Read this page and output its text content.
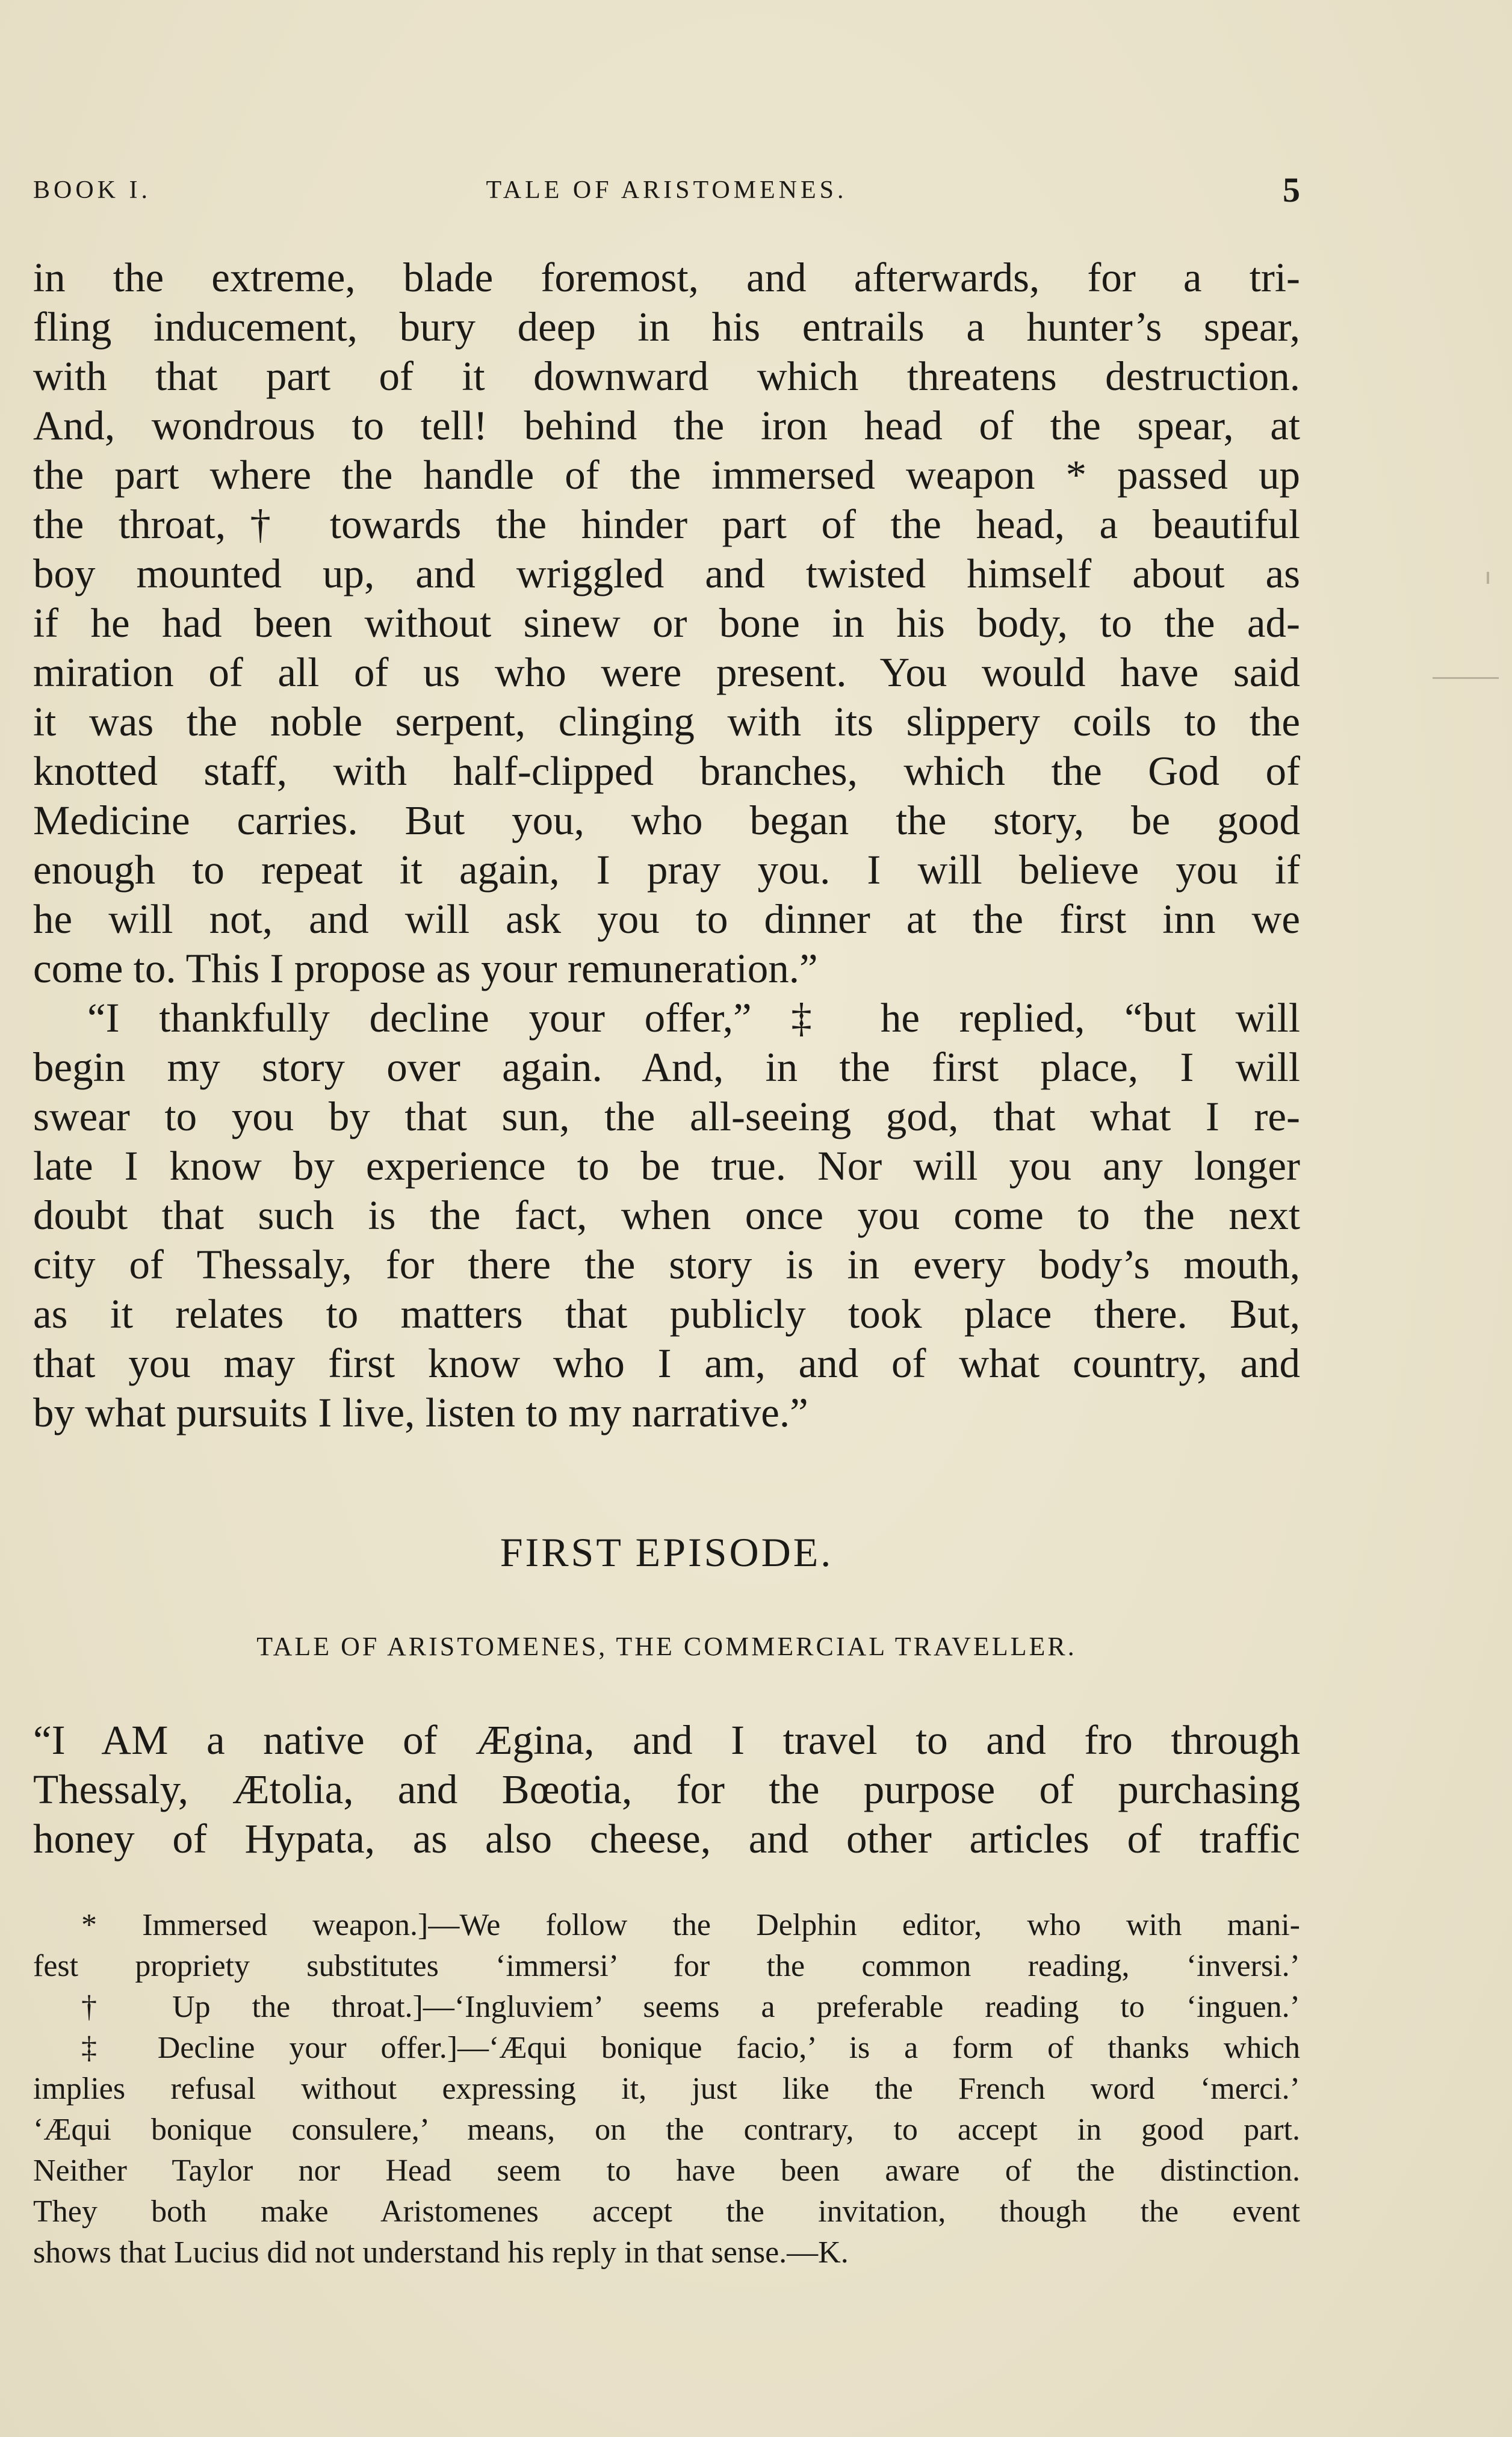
BOOK I.	TALE OF ARISTOMENES.	5
in the extreme, blade foremost, and afterwards, for a tri-
fling inducement, bury deep in his entrails a hunter’s spear,
with that part of it downward which threatens destruction.
And, wondrous to tell! behind the iron head of the spear, at
the part where the handle of the immersed weapon * passed up
the throat,† towards the hinder part of the head, a beautiful
boy mounted up, and wriggled and twisted himself about as
if he had been without sinew or bone in his body, to the ad-
miration of all of us who were present. You would have said
it was the noble serpent, clinging with its slippery coils to the
knotted staff, with half-clipped branches, which the God of
Medicine carries. But you, who began the story, be good
enough to repeat it again, I pray you. I will believe you if
he will not, and will ask you to dinner at the first inn we
come to. This I propose as your remuneration.”
“I thankfully decline your offer,” ‡ he replied, “but will
begin my story over again. And, in the first place, I will
swear to you by that sun, the all-seeing god, that what I re-
late I know by experience to be true. Nor will you any longer
doubt that such is the fact, when once you come to the next
city of Thessaly, for there the story is in every body’s mouth,
as it relates to matters that publicly took place there. But,
that you may first know who I am, and of what country, and
by what pursuits I live, listen to my narrative.”
FIRST EPISODE.
TALE OF ARISTOMENES, THE COMMERCIAL TRAVELLER.
“I AM a native of Ægina, and I travel to and fro through
Thessaly, Ætolia, and Bœotia, for the purpose of purchasing
honey of Hypata, as also cheese, and other articles of traffic
* Immersed weapon.]—We follow the Delphin editor, who with mani-
fest propriety substitutes ‘immersi’ for the common reading, ‘inversi.’
† Up the throat.]—‘Ingluviem’ seems a preferable reading to ‘inguen.’
‡ Decline your offer.]—‘Æqui bonique facio,’ is a form of thanks which
implies refusal without expressing it, just like the French word ‘merci.’
‘Æqui bonique consulere,’ means, on the contrary, to accept in good part.
Neither Taylor nor Head seem to have been aware of the distinction.
They both make Aristomenes accept the invitation, though the event
shows that Lucius did not understand his reply in that sense.—K.
